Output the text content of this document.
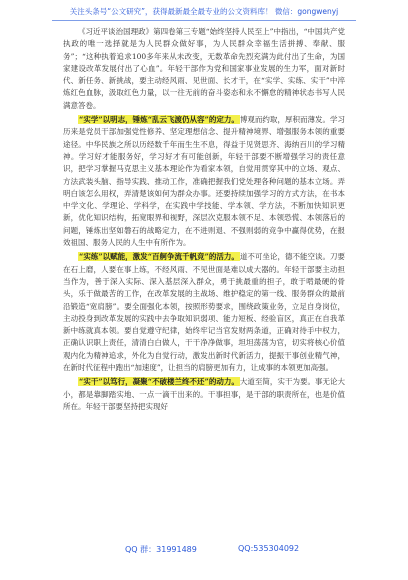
关注头条号“公文研究”，获得最新最全最专业的公文资料库！ 微信：gongwenyj

《习近平谈治国理政》第四卷第三专题“始终坚持人民至上”中指出，“中国共产党执政的唯一选择就是为人民群众做好事，为人民群众幸福生活拼搏、奉献、服务”；“这种执着追求100多年来从未改变，无数革命先烈充满为此付出了生命，为国家建设改革发展付出了心血”。年轻干部作为党和国家事业发展的生力军，面对新时代、新任务、新挑战，要主动经风雨、见世面、长才干，在“实学、实练、实干”中淬炼红色血脉，汲取红色力量，以一往无前的奋斗姿态和永不懈怠的精神状态书写人民满意答卷。

“实学”以明志，锤炼“乱云飞渡仍从容”的定力。博观而约取，厚积而薄发。学习历来是党员干部加强党性修养、坚定理想信念、提升精神境界、增强服务本领的重要途径。中华民族之所以历经数千年而生生不息，得益于见贤思齐、海纳百川的学习精神。学习好才能服务好，学习好才有可能创新，年轻干部要不断增强学习的责任意识，把学习掌握马克思主义基本理论作为看家本领，自觉用贯穿其中的立场、观点、方法武装头脑、指导实践、推动工作，准确把握我们党处理各种问题的基本立场。弄明白该怎么用权，弄清楚该如何为群众办事。还要持续加强学习的方式方法，在书本中学文化、学理论、学科学，在实践中学技能、学本领、学方法，不断加快知识更新，优化知识结构，拓宽眼界和视野，深层次克服本领不足、本领恐慌、本领落后的问题，锤炼出坚如磐石的战略定力，在不进则退、不强则弱的竞争中赢得优势，在报效祖国、服务人民的人生中有所作为。

“实练”以赋能，激发“百舸争流千帆竞”的活力。道不可坐论，德不能空谈。刀要在石上磨，人要在事上练，不经风雨、不见世面是难以成大器的。年轻干部要主动担当作为，善于深入实际、深入基层深入群众，勇于挑最重的担子，敢于啃最硬的骨头，乐于做最苦的工作，在改革发展的主战场、维护稳定的第一线、服务群众的最前沿锻造“宽肩膀”。要全面强化本领，按照形势要求，围绕政策业务，立足自身岗位，主动投身到改革发展的实践中去争取知识弱项、能力短板、经验盲区，真正在自我革新中练就真本领。要自觉遵守纪律，始终牢记当官发财两条道，正确对待手中权力，正确认识职上责任，清清白白做人，干干净净做事，坦坦荡荡为官，切实将核心价值观内化为精神追求，外化为自觉行动，激发出新时代新活力，提振干事创业精气神，在新时代征程中跑出“加速度”，让担当的肩膀更加有力，让成事的本领更加高强。

“实干”以笃行，凝聚“不破楼兰终不还”的动力。大道至简，实干为要。事无论大小，都是靠脚踏实地、一点一滴干出来的。干事担事，是干部的职责所在，也是价值所在。年轻干部要坚持把实现好

QQ 群：31991489	QQ:535304092
